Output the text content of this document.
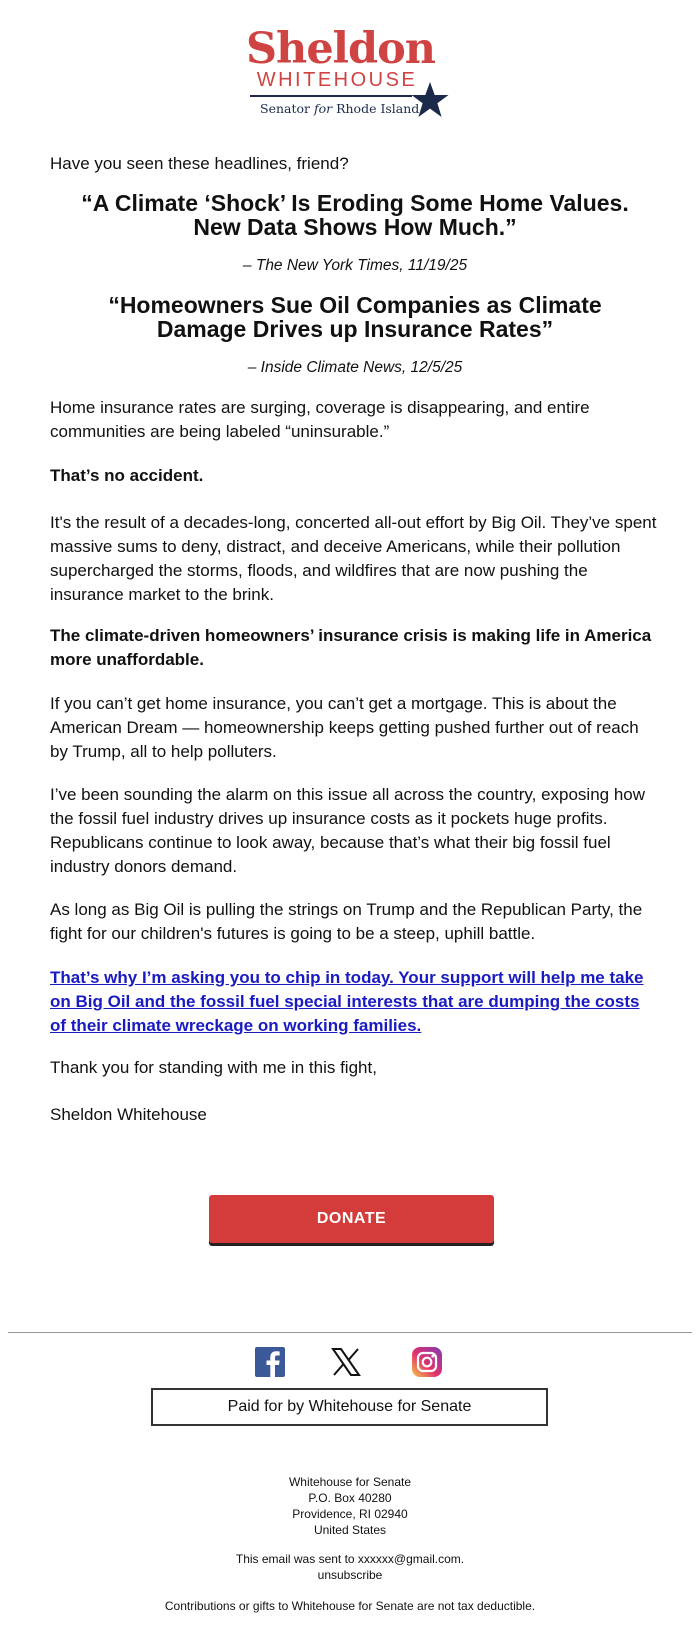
Sheldon
WHITEHOUSE
Senator for Rhode Island

Have you seen these headlines, friend?

“A Climate ‘Shock’ Is Eroding Some Home Values.
New Data Shows How Much.”

– The New York Times, 11/19/25

“Homeowners Sue Oil Companies as Climate
Damage Drives up Insurance Rates”

– Inside Climate News, 12/5/25

Home insurance rates are surging, coverage is disappearing, and entire communities are being labeled “uninsurable.”

That’s no accident.

It's the result of a decades-long, concerted all-out effort by Big Oil. They’ve spent massive sums to deny, distract, and deceive Americans, while their pollution supercharged the storms, floods, and wildfires that are now pushing the insurance market to the brink.

The climate-driven homeowners’ insurance crisis is making life in America more unaffordable.

If you can’t get home insurance, you can’t get a mortgage. This is about the American Dream — homeownership keeps getting pushed further out of reach by Trump, all to help polluters.

I’ve been sounding the alarm on this issue all across the country, exposing how the fossil fuel industry drives up insurance costs as it pockets huge profits. Republicans continue to look away, because that’s what their big fossil fuel industry donors demand.

As long as Big Oil is pulling the strings on Trump and the Republican Party, the fight for our children's futures is going to be a steep, uphill battle.

That’s why I’m asking you to chip in today. Your support will help me take on Big Oil and the fossil fuel special interests that are dumping the costs of their climate wreckage on working families.

Thank you for standing with me in this fight,

Sheldon Whitehouse

DONATE
Paid for by Whitehouse for Senate

Whitehouse for Senate

P.O. Box 40280

Providence, RI 02940

United States

This email was sent to xxxxxx@gmail.com.

unsubscribe

Contributions or gifts to Whitehouse for Senate are not tax deductible.
